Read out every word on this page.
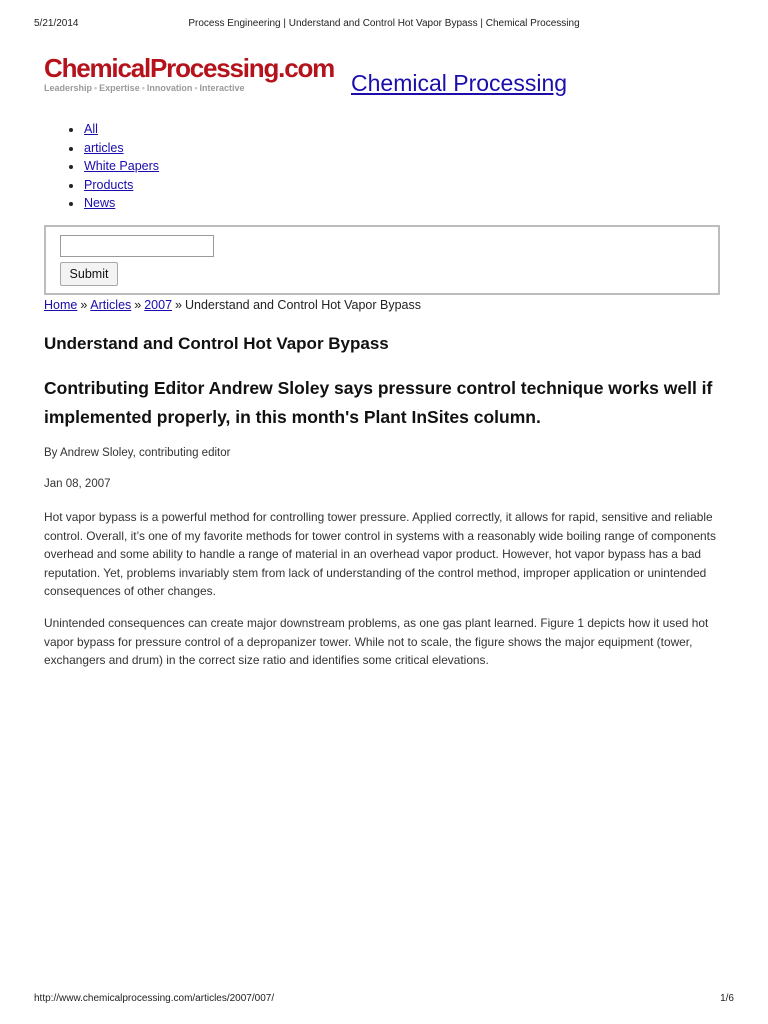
5/21/2014	Process Engineering | Understand and Control Hot Vapor Bypass | Chemical Processing
ChemicalProcessing.com
Leadership • Expertise • Innovation • Interactive	Chemical Processing
All
articles
White Papers
Products
News
Submit
Home » Articles » 2007 » Understand and Control Hot Vapor Bypass
Understand and Control Hot Vapor Bypass
Contributing Editor Andrew Sloley says pressure control technique works well if implemented properly, in this month's Plant InSites column.
By Andrew Sloley, contributing editor
Jan 08, 2007

Hot vapor bypass is a powerful method for controlling tower pressure. Applied correctly, it allows for rapid, sensitive and reliable control. Overall, it’s one of my favorite methods for tower control in systems with a reasonably wide boiling range of components overhead and some ability to handle a range of material in an overhead vapor product. However, hot vapor bypass has a bad reputation. Yet, problems invariably stem from lack of understanding of the control method, improper application or unintended consequences of other changes.

Unintended consequences can create major downstream problems, as one gas plant learned. Figure 1 depicts how it used hot vapor bypass for pressure control of a depropanizer tower. While not to scale, the figure shows the major equipment (tower, exchangers and drum) in the correct size ratio and identifies some critical elevations.

http://www.chemicalprocessing.com/articles/2007/007/	1/6
